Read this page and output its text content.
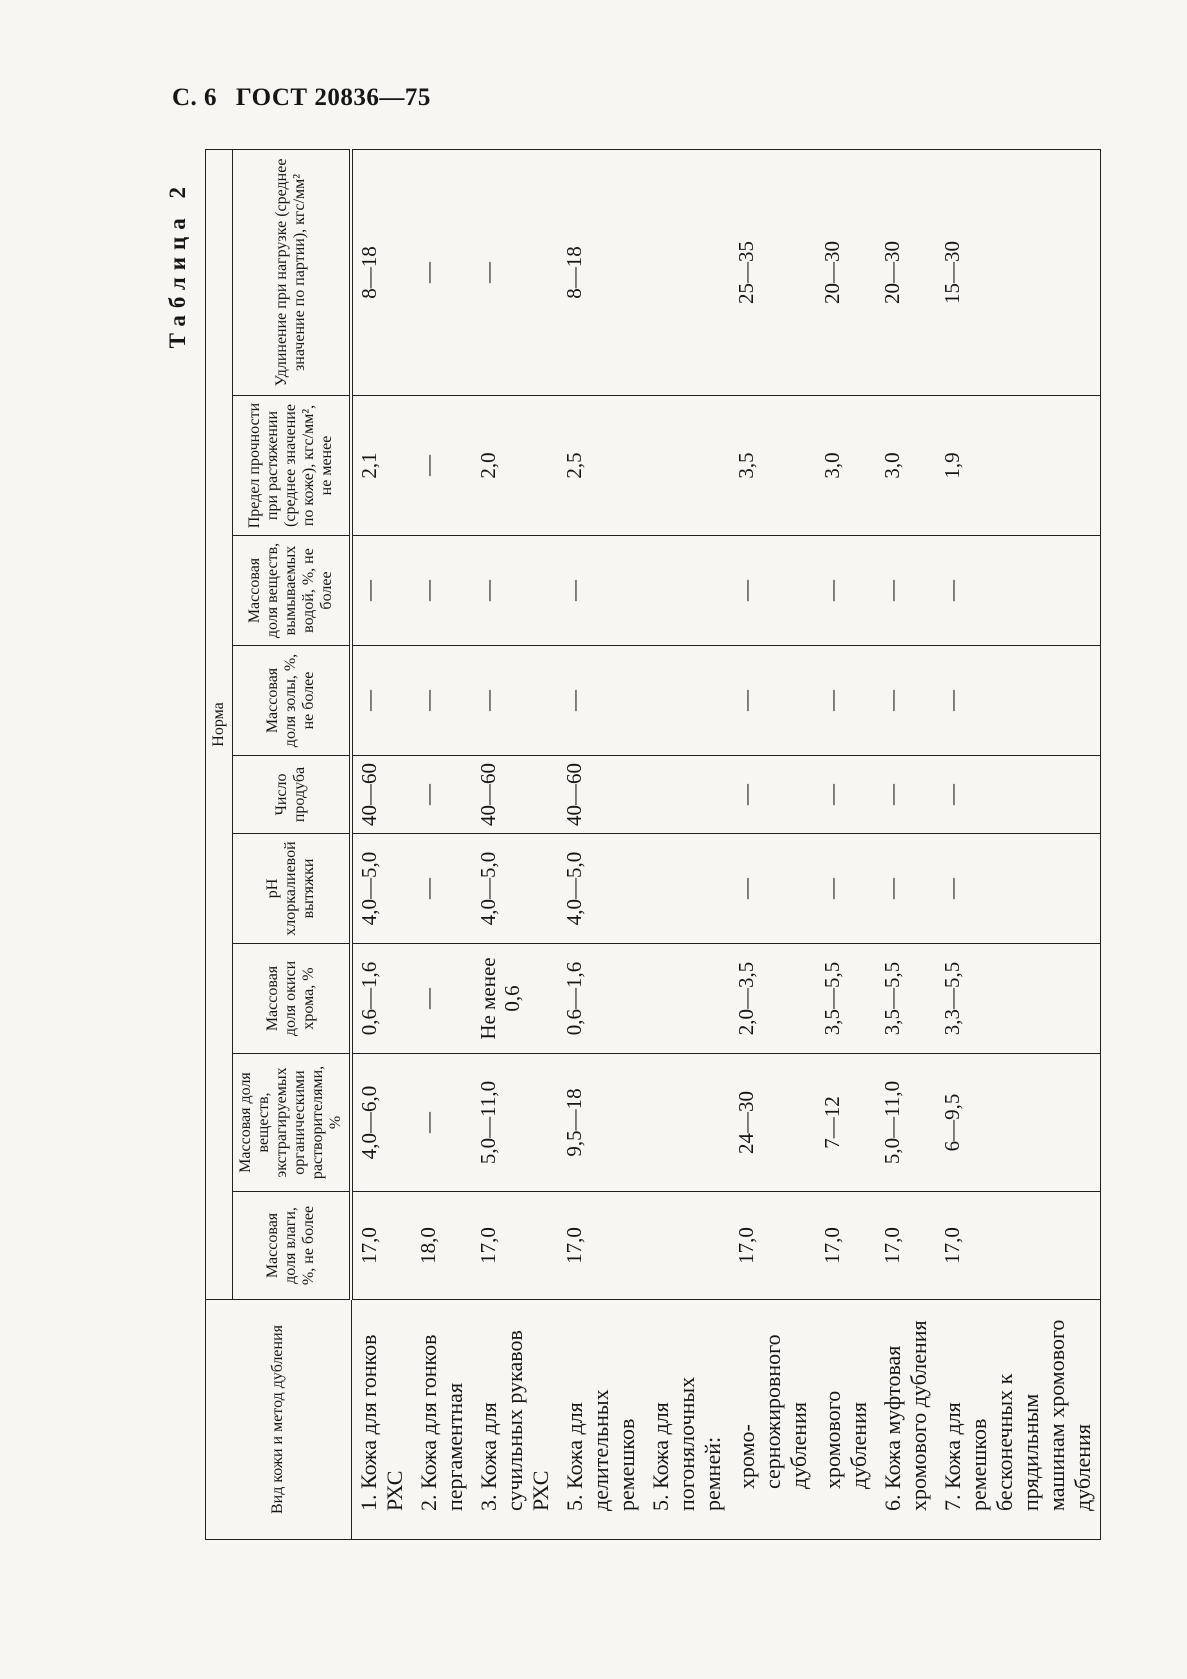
С. 6 ГОСТ 20836—75
Таблица 2
Вид кожи и метод дубления	Норма								
	Массовая доля влаги, %, не более	Массовая доля веществ, экстрагируемых органическими растворителями, %	Массовая доля окиси хрома, %	pH хлоркалиевой вытяжки	Число продуба	Массовая доля золы, %, не более	Массовая доля веществ, вымываемых водой, %, не более	Предел прочности при растяжении (среднее значение по коже), кгс/мм², не менее	Удлинение при нагрузке (среднее значение по партии), кгс/мм²
1. Кожа для гонков РХС	17,0	4,0—6,0	0,6—1,6	4,0—5,0	40—60	—	—	2,1	8—18
2. Кожа для гонков пергаментная	18,0	—	—	—	—	—	—	—	—
3. Кожа для сучильных рукавов РХС	17,0	5,0—11,0	Не менее 0,6	4,0—5,0	40—60	—	—	2,0	—
5. Кожа для делительных ремешков	17,0	9,5—18	0,6—1,6	4,0—5,0	40—60	—	—	2,5	8—18
5. Кожа для погонялочных ремней:									
хромо-серножировного дубления	17,0	24—30	2,0—3,5	—	—	—	—	3,5	25—35
хромового дубления	17,0	7—12	3,5—5,5	—	—	—	—	3,0	20—30
6. Кожа муфтовая хромового дубления	17,0	5,0—11,0	3,5—5,5	—	—	—	—	3,0	20—30
7. Кожа для ремешков бесконечных к прядильным машинам хромового дубления	17,0	6—9,5	3,3—5,5	—	—	—	—	1,9	15—30
